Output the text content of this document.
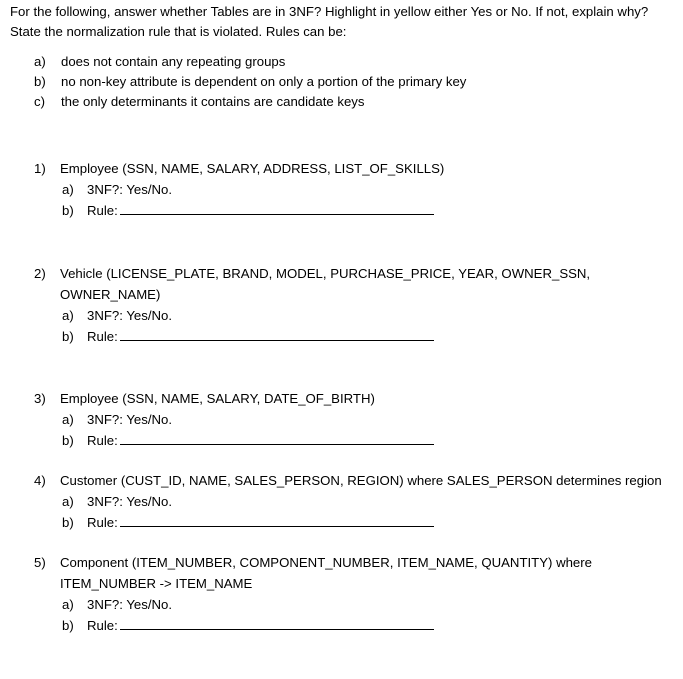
For the following, answer whether Tables are in 3NF? Highlight in yellow either Yes or No. If not, explain why? State the normalization rule that is violated. Rules can be:
a) does not contain any repeating groups
b) no non-key attribute is dependent on only a portion of the primary key
c) the only determinants it contains are candidate keys
1)	Employee (SSN, NAME, SALARY, ADDRESS, LIST_OF_SKILLS)
a) 3NF?: Yes/No.
b) Rule:
2)	Vehicle (LICENSE_PLATE, BRAND, MODEL, PURCHASE_PRICE, YEAR, OWNER_SSN,
OWNER_NAME)
a) 3NF?: Yes/No.
b) Rule:
3)	Employee (SSN, NAME, SALARY, DATE_OF_BIRTH)
a) 3NF?: Yes/No.
b) Rule:
4)	Customer (CUST_ID, NAME, SALES_PERSON, REGION) where SALES_PERSON determines region
a) 3NF?: Yes/No.
b) Rule:
5)	Component (ITEM_NUMBER, COMPONENT_NUMBER, ITEM_NAME, QUANTITY) where
ITEM_NUMBER -> ITEM_NAME
a) 3NF?: Yes/No.
b) Rule:
